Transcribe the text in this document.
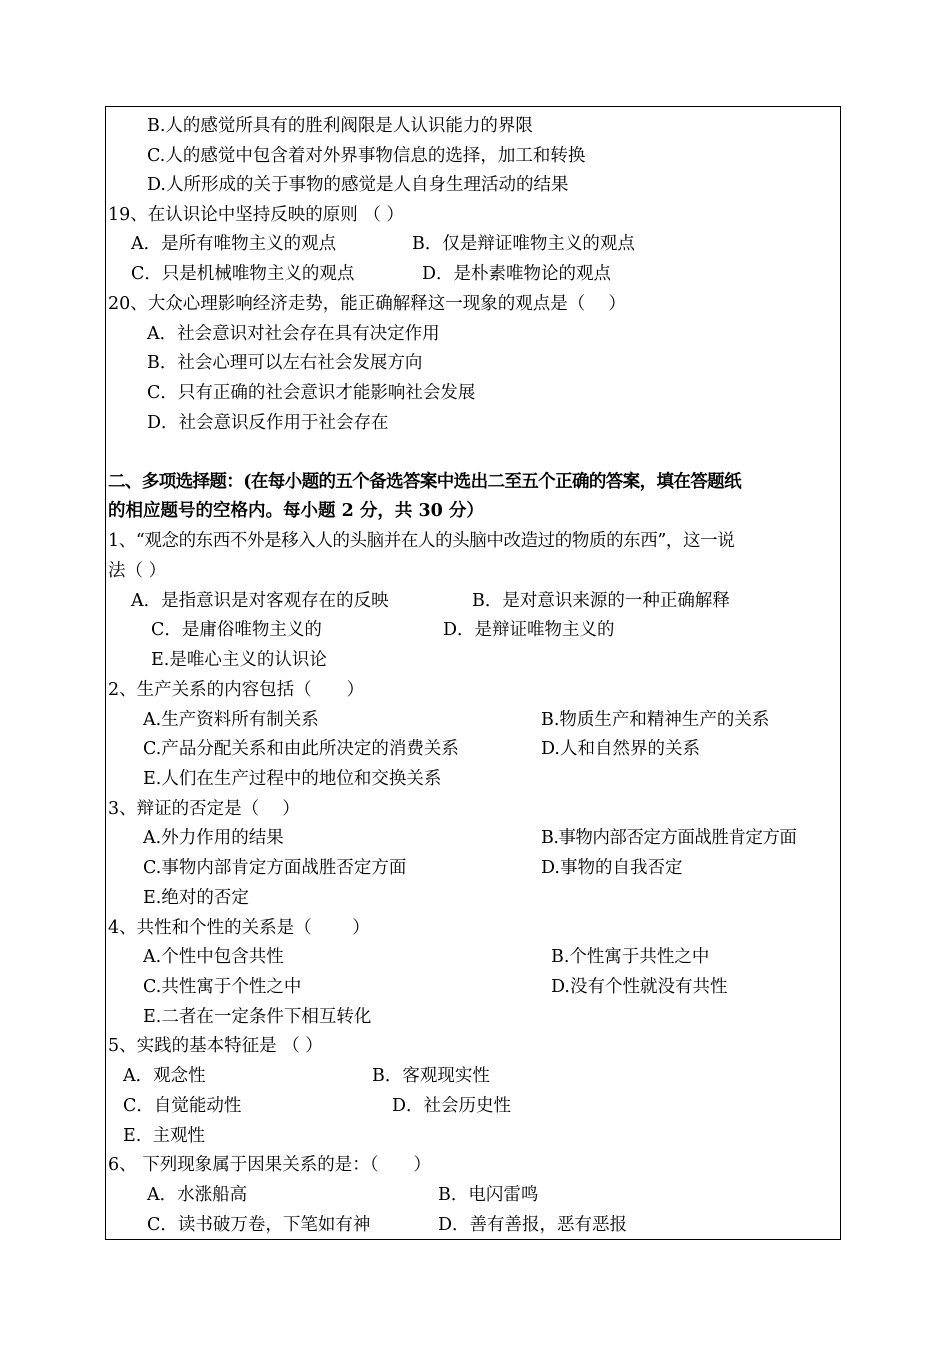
B.人的感觉所具有的胜利阀限是人认识能力的界限
C.人的感觉中包含着对外界事物信息的选择，加工和转换
D.人所形成的关于事物的感觉是人自身生理活动的结果
19、在认识论中坚持反映的原则 （ ）
A．是所有唯物主义的观点	B．仅是辩证唯物主义的观点
C．只是机械唯物主义的观点	D．是朴素唯物论的观点
20、大众心理影响经济走势，能正确解释这一现象的观点是（　 ）
A．社会意识对社会存在具有决定作用
B．社会心理可以左右社会发展方向
C．只有正确的社会意识才能影响社会发展
D．社会意识反作用于社会存在
二、多项选择题：(在每小题的五个备选答案中选出二至五个正确的答案，填在答题纸
的相应题号的空格内。每小题 2 分，共 30 分）
1、“观念的东西不外是移入人的头脑并在人的头脑中改造过的物质的东西”，这一说
法（ ）
A．是指意识是对客观存在的反映	B．是对意识来源的一种正确解释
C．是庸俗唯物主义的	D．是辩证唯物主义的
E.是唯心主义的认识论
2、生产关系的内容包括（　　）
A.生产资料所有制关系	B.物质生产和精神生产的关系
C.产品分配关系和由此所决定的消费关系	D.人和自然界的关系
E.人们在生产过程中的地位和交换关系
3、辩证的否定是（　 ）
A.外力作用的结果	B.事物内部否定方面战胜肯定方面
C.事物内部肯定方面战胜否定方面	D.事物的自我否定
E.绝对的否定
4、共性和个性的关系是（　　 ）
A.个性中包含共性	B.个性寓于共性之中
C.共性寓于个性之中	D.没有个性就没有共性
E.二者在一定条件下相互转化
5、实践的基本特征是 （ ）
A．观念性	B．客观现实性
C．自觉能动性	D．社会历史性
E.  主观性
6、 下列现象属于因果关系的是：（　　）
A．水涨船高	B．电闪雷鸣
C．读书破万卷，下笔如有神	D．善有善报，恶有恶报
